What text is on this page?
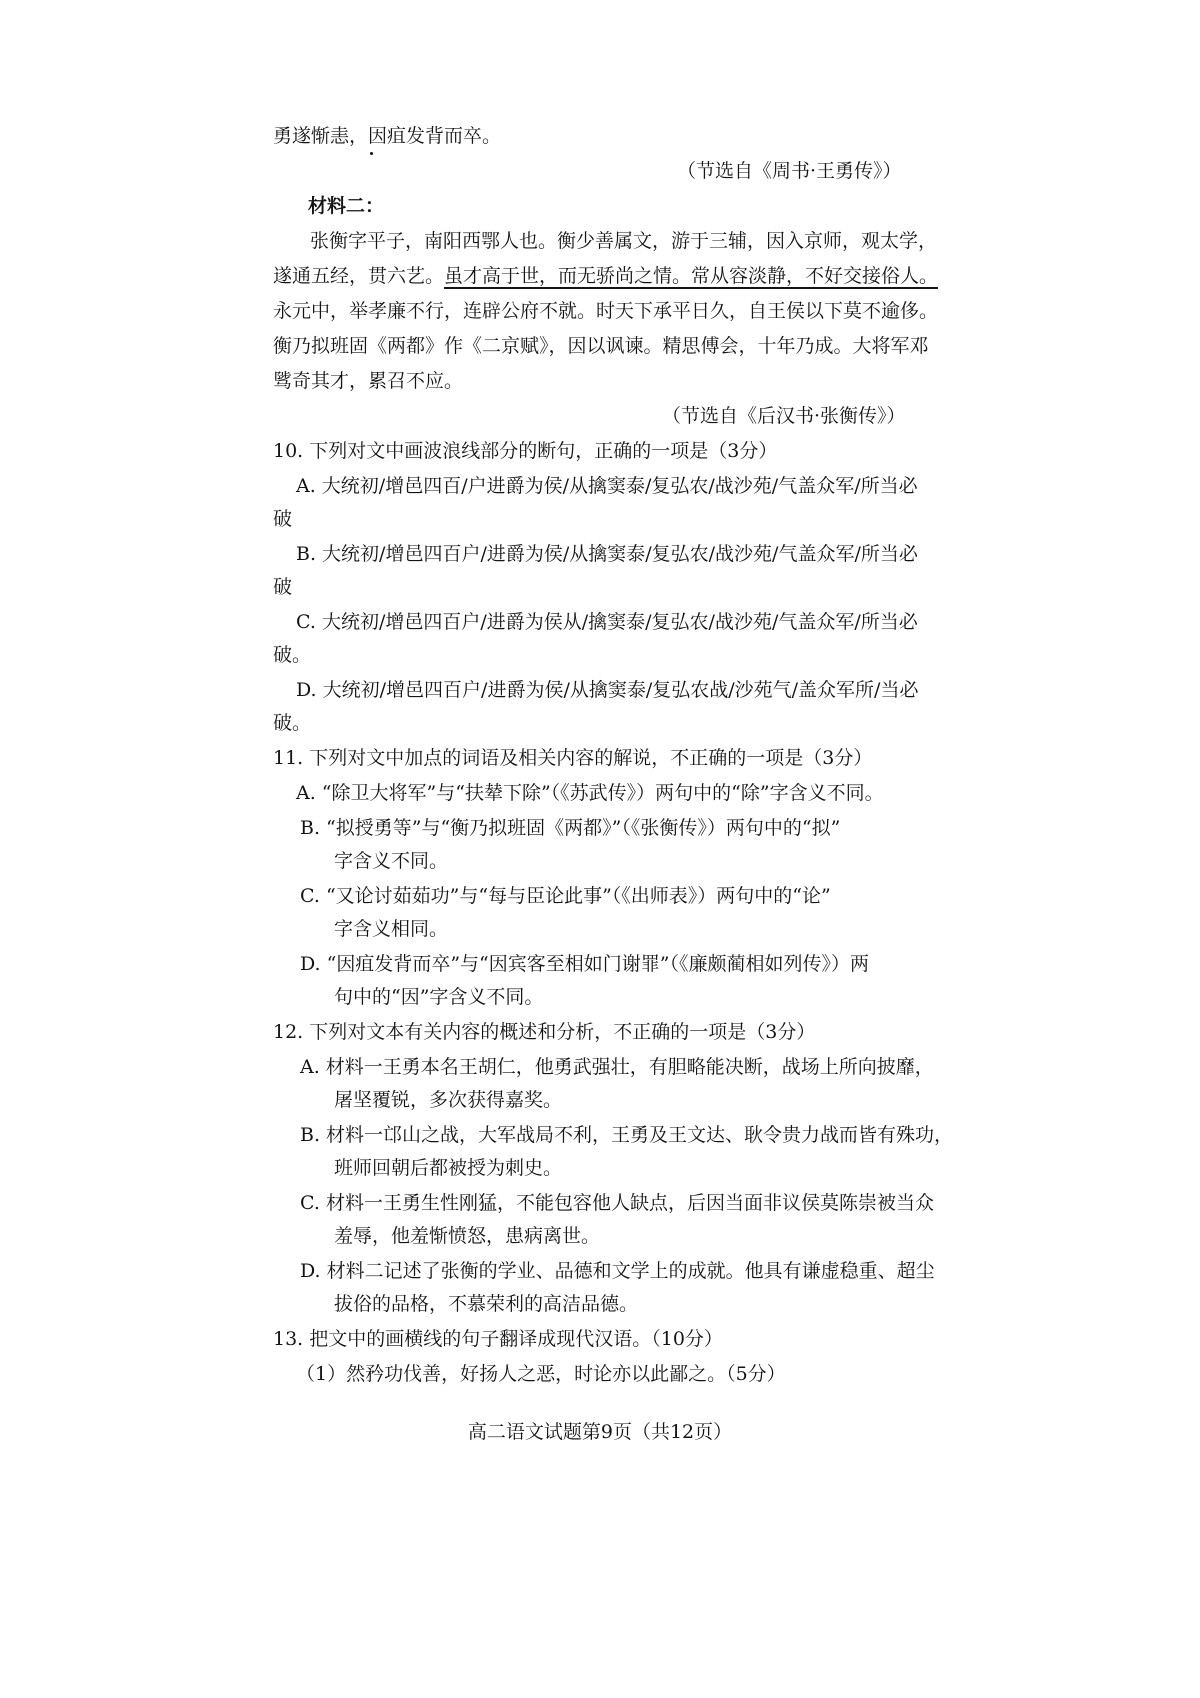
勇遂惭恚，因疽发背而卒。
（节选自《周书·王勇传》）
材料二：
张衡字平子，南阳西鄂人也。衡少善属文，游于三辅，因入京师，观太学，
遂通五经，贯六艺。虽才高于世，而无骄尚之情。常从容淡静，不好交接俗人。
永元中，举孝廉不行，连辟公府不就。时天下承平日久，自王侯以下莫不逾侈。
衡乃拟班固《两都》作《二京赋》，因以讽谏。精思傅会，十年乃成。大将军邓
骘奇其才，累召不应。
（节选自《后汉书·张衡传》）
10. 下列对文中画波浪线部分的断句，正确的一项是（3分）
A. 大统初/增邑四百/户进爵为侯/从擒窦泰/复弘农/战沙苑/气盖众军/所当必
破
B. 大统初/增邑四百户/进爵为侯/从擒窦泰/复弘农/战沙苑/气盖众军/所当必
破
C. 大统初/增邑四百户/进爵为侯从/擒窦泰/复弘农/战沙苑/气盖众军/所当必
破。
D. 大统初/增邑四百户/进爵为侯/从擒窦泰/复弘农战/沙苑气/盖众军所/当必
破。
11. 下列对文中加点的词语及相关内容的解说，不正确的一项是（3分）
A. “除卫大将军”与“扶辇下除”（《苏武传》）两句中的“除”字含义不同。
B. “拟授勇等”与“衡乃拟班固《两都》”（《张衡传》）两句中的“拟”
字含义不同。
C. “又论讨茹茹功”与“每与臣论此事”（《出师表》）两句中的“论”
字含义相同。
D. “因疽发背而卒”与“因宾客至相如门谢罪”（《廉颇蔺相如列传》）两
句中的“因”字含义不同。
12. 下列对文本有关内容的概述和分析，不正确的一项是（3分）
A. 材料一王勇本名王胡仁，他勇武强壮，有胆略能决断，战场上所向披靡，
屠坚覆锐，多次获得嘉奖。
B. 材料一邙山之战，大军战局不利，王勇及王文达、耿令贵力战而皆有殊功，
班师回朝后都被授为刺史。
C. 材料一王勇生性刚猛，不能包容他人缺点，后因当面非议侯莫陈崇被当众
羞辱，他羞惭愤怒，患病离世。
D. 材料二记述了张衡的学业、品德和文学上的成就。他具有谦虚稳重、超尘
拔俗的品格，不慕荣利的高洁品德。
13. 把文中的画横线的句子翻译成现代汉语。（10分）
（1）然矜功伐善，好扬人之恶，时论亦以此鄙之。（5分）
高二语文试题第9页（共12页）
